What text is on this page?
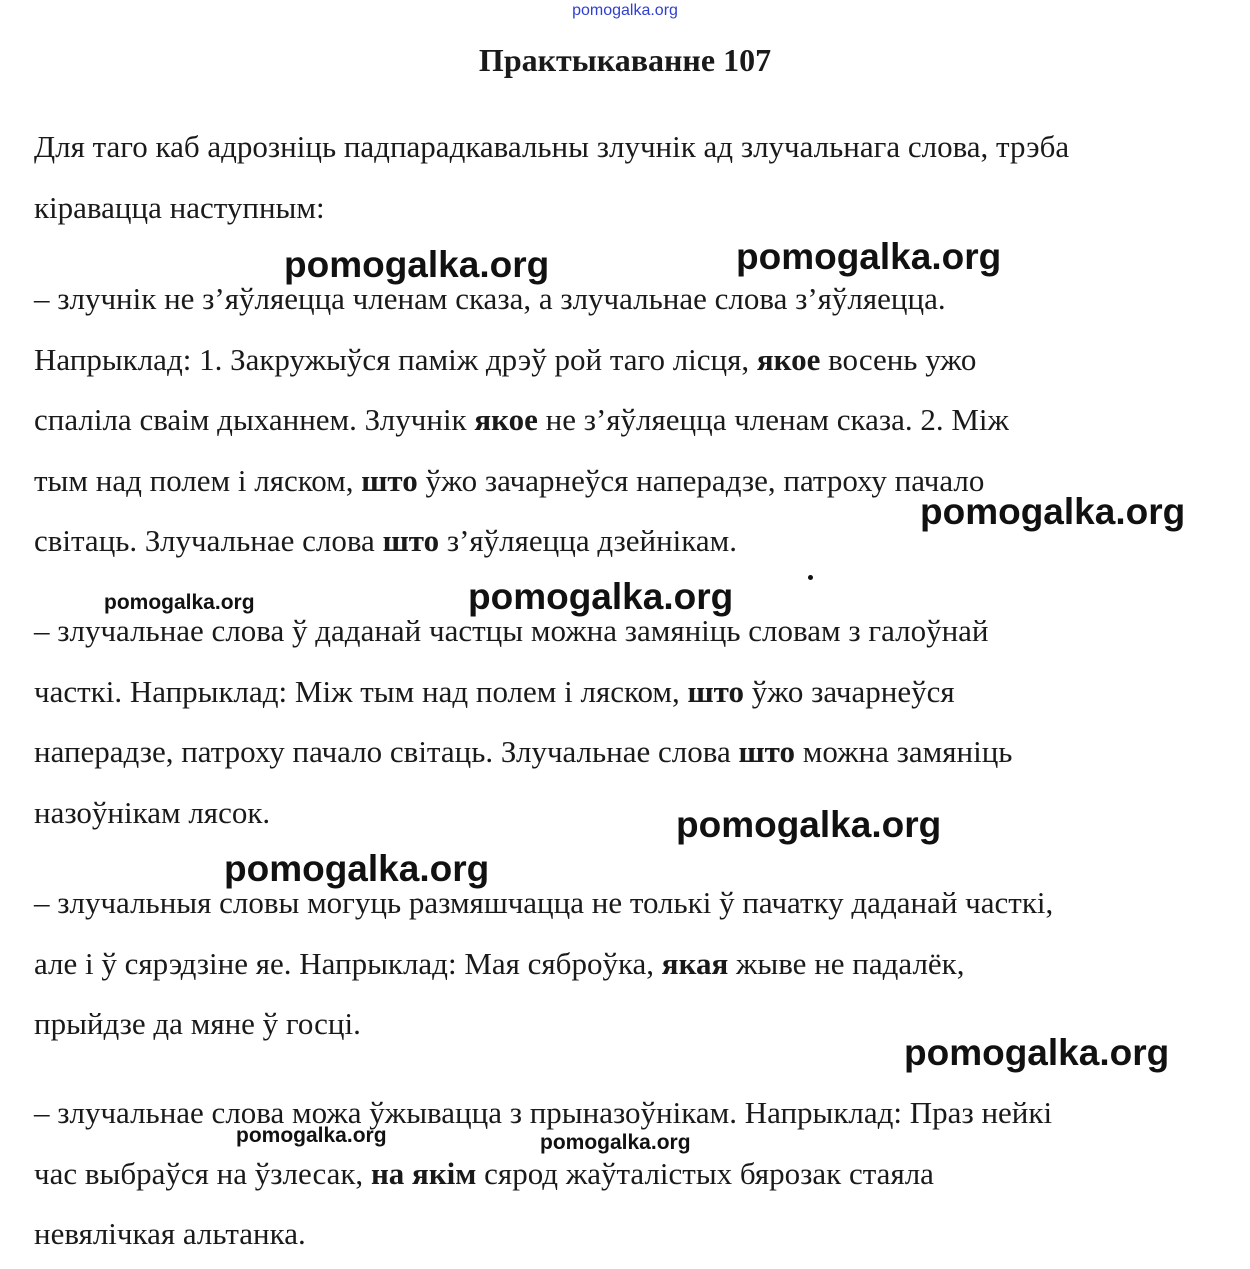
pomogalka.org
Практыкаванне 107

Для таго каб адрозніць падпарадкавальны злучнік ад злучальнага слова, трэба
кіравацца наступным:

– злучнік не з’яўляецца членам сказа, а злучальнае слова з’яўляецца.
Напрыклад: 1. Закружыўся паміж дрэў рой таго лісця, якое восень ужо
спаліла сваім дыханнем. Злучнік якое не з’яўляецца членам сказа. 2. Між
тым над полем і ляском, што ўжо зачарнеўся наперадзе, патроху пачало
світаць. Злучальнае слова што з’яўляецца дзейнікам.

– злучальнае слова ў даданай частцы можна замяніць словам з галоўнай
часткі. Напрыклад: Між тым над полем і ляском, што ўжо зачарнеўся
наперадзе, патроху пачало світаць. Злучальнае слова што можна замяніць
назоўнікам лясок.

– злучальныя словы могуць размяшчацца не толькі ў пачатку даданай часткі,
але і ў сярэдзіне яе. Напрыклад: Мая сяброўка, якая жыве не падалёк,
прыйдзе да мяне ў госці.

– злучальнае слова можа ўжывацца з прыназоўнікам. Напрыклад: Праз нейкі
час выбраўся на ўзлесак, на якім сярод жаўталістых бярозак стаяла
невялічкая альтанка.

pomogalka.org	pomogalka.org
pomogalka.org
pomogalka.org	pomogalka.org
pomogalka.org
pomogalka.org
pomogalka.org
pomogalka.org	pomogalka.org
